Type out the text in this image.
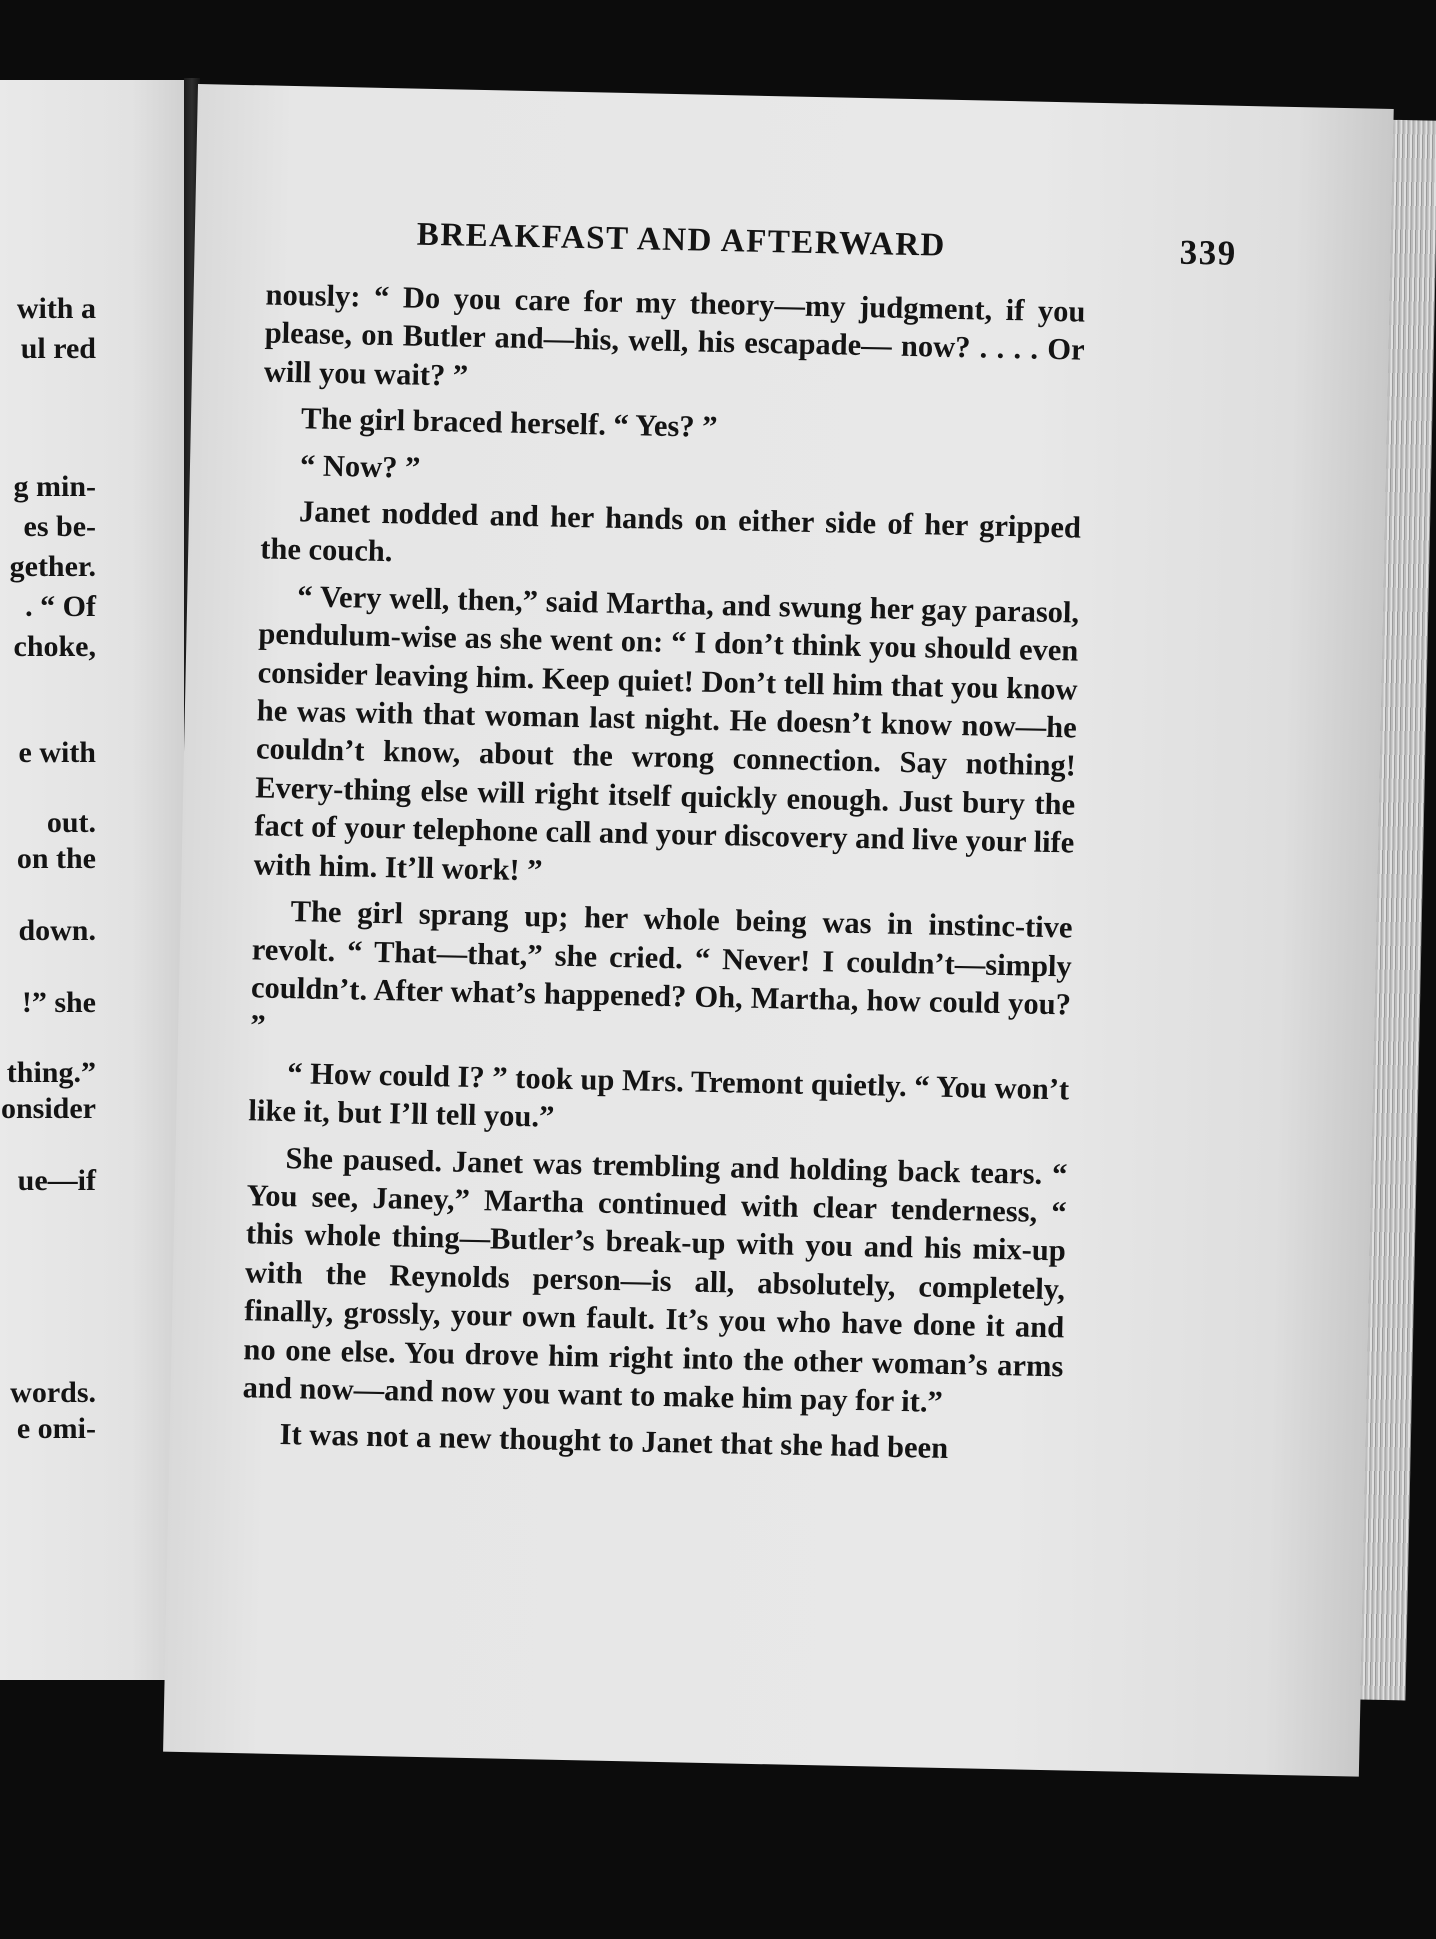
with a
ul red
g min-
es be-
gether.
. “ Of
choke,
e with
out.
on the
down.
!” she
thing.”
onsider
ue—if
words.
e omi-
BREAKFAST AND AFTERWARD	339

nously: “ Do you care for my theory—my judgment, if you please, on Butler and—his, well, his escapade— now? . . . . Or will you wait? ”

The girl braced herself. “ Yes? ”

“ Now? ”

Janet nodded and her hands on either side of her gripped the couch.

“ Very well, then,” said Martha, and swung her gay parasol, pendulum-wise as she went on: “ I don’t think you should even consider leaving him. Keep quiet! Don’t tell him that you know he was with that woman last night. He doesn’t know now—he couldn’t know, about the wrong connection. Say nothing! Every-thing else will right itself quickly enough. Just bury the fact of your telephone call and your discovery and live your life with him. It’ll work! ”

The girl sprang up; her whole being was in instinc-tive revolt. “ That—that,” she cried. “ Never! I couldn’t—simply couldn’t. After what’s happened? Oh, Martha, how could you? ”

“ How could I? ” took up Mrs. Tremont quietly. “ You won’t like it, but I’ll tell you.”

She paused. Janet was trembling and holding back tears. “ You see, Janey,” Martha continued with clear tenderness, “ this whole thing—Butler’s break-up with you and his mix-up with the Reynolds person—is all, absolutely, completely, finally, grossly, your own fault. It’s you who have done it and no one else. You drove him right into the other woman’s arms and now—and now you want to make him pay for it.”

It was not a new thought to Janet that she had been
